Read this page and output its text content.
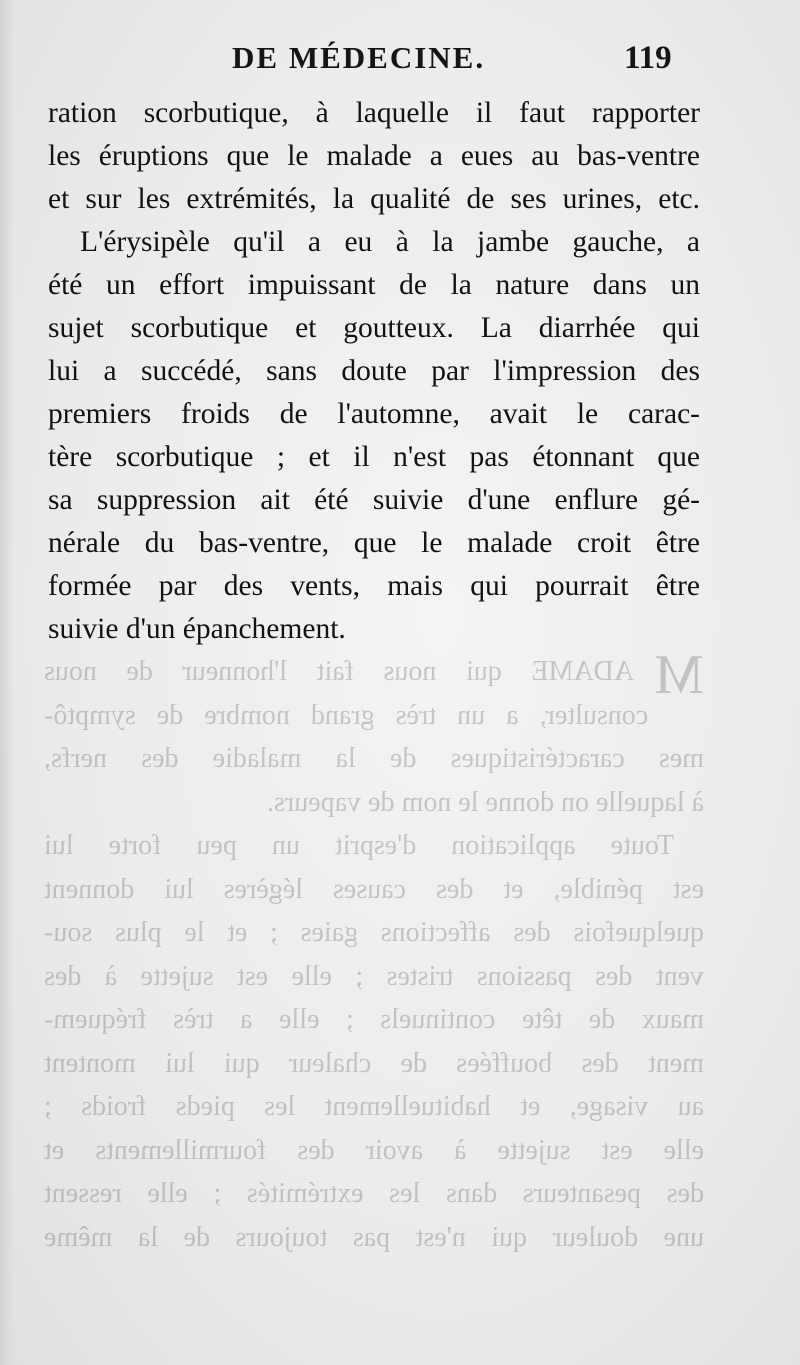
DE MÉDECINE.	119
M
ADAME qui nous fait l'honneur de nous
consulter, a un très grand nombre de symptô-
mes caractéristiques de la maladie des nerfs,
à laquelle on donne le nom de vapeurs.
Toute application d'esprit un peu forte lui
est pénible, et des causes légères lui donnent
quelquefois des affections gaies ; et le plus sou-
vent des passions tristes ; elle est sujette à des
maux de tête continuels ; elle a très fréquem-
ment des bouffées de chaleur qui lui montent
au visage, et habituellement les pieds froids ;
elle est sujette à avoir des fourmillements et
des pesanteurs dans les extrémités ; elle ressent
une douleur qui n'est pas toujours de la même
ration scorbutique, à laquelle il faut rapporter
les éruptions que le malade a eues au bas-ventre
et sur les extrémités, la qualité de ses urines, etc.
L'érysipèle qu'il a eu à la jambe gauche, a
été un effort impuissant de la nature dans un
sujet scorbutique et goutteux. La diarrhée qui
lui a succédé, sans doute par l'impression des
premiers froids de l'automne, avait le carac-
tère scorbutique ; et il n'est pas étonnant que
sa suppression ait été suivie d'une enflure gé-
nérale du bas-ventre, que le malade croit être
formée par des vents, mais qui pourrait être
suivie d'un épanchement.
